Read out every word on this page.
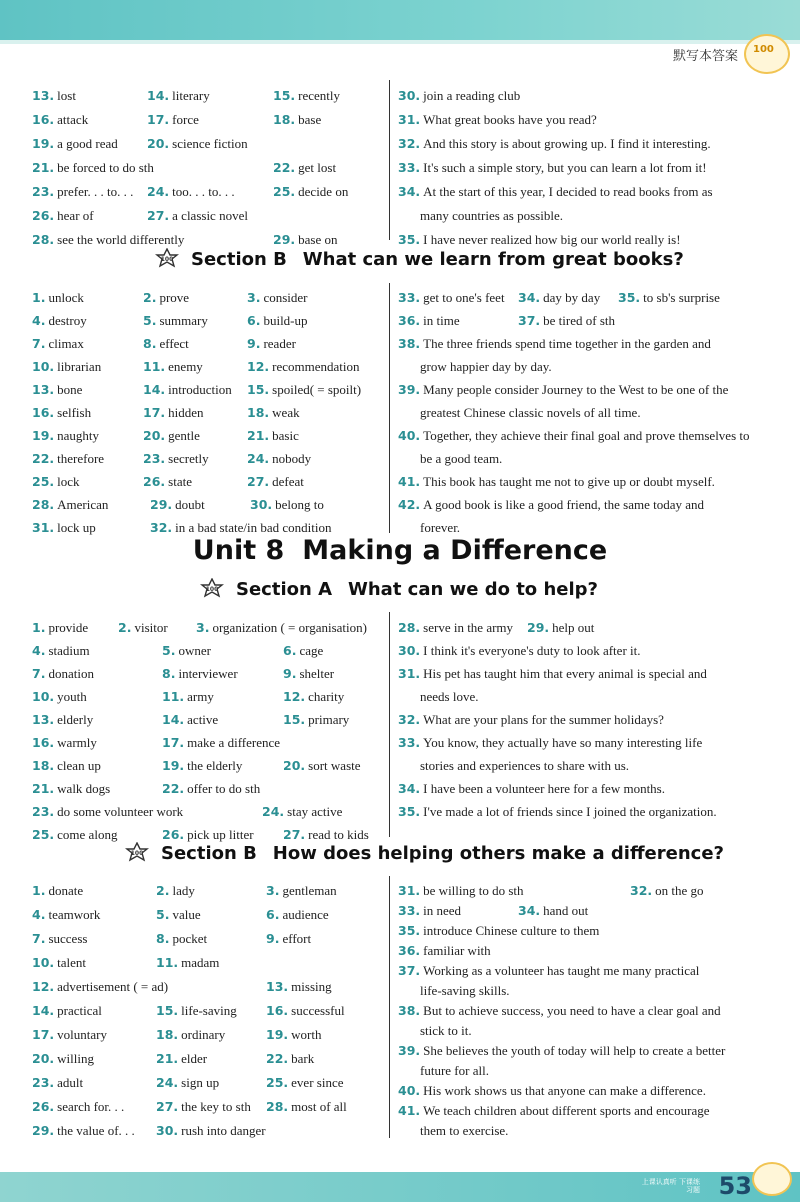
默写本答案 100
100 Section B What can we learn from great books?
Unit 8 Making a Difference
100 Section A What can we do to help?
100 Section B How does helping others make a difference?
13. lost	14. literary	15. recently
16. attack	17. force	18. base
19. a good read 20. science fiction
21. be forced to do sth	22. get lost
23. prefer. . . to. . . 24. too. . . to. . .	25. decide on
26. hear of	27. a classic novel
28. see the world differently	29. base on
30. join a reading club
31. What great books have you read?
32. And this story is about growing up. I find it interesting.
33. It's such a simple story, but you can learn a lot from it!
34. At the start of this year, I decided to read books from as
many countries as possible.
35. I have never realized how big our world really is!
1. unlock	2. prove	3. consider
4. destroy	5. summary	6. build-up
7. climax	8. effect	9. reader
10. librarian	11. enemy	12. recommendation
13. bone	14. introduction 15. spoiled( = spoilt)
16. selfish	17. hidden	18. weak
19. naughty	20. gentle	21. basic
22. therefore	23. secretly	24. nobody
25. lock	26. state	27. defeat
28. American	29. doubt	30. belong to
31. lock up	32. in a bad state/in bad condition
33. get to one's feet 34. day by day 35. to sb's surprise
36. in time	37. be tired of sth
38. The three friends spend time together in the garden and
grow happier day by day.
39. Many people consider Journey to the West to be one of the
greatest Chinese classic novels of all time.
40. Together, they achieve their final goal and prove themselves to
be a good team.
41. This book has taught me not to give up or doubt myself.
42. A good book is like a good friend, the same today and
forever.
1. provide 2. visitor 3. organization ( = organisation)
4. stadium	5. owner	6. cage
7. donation	8. interviewer	9. shelter
10. youth	11. army	12. charity
13. elderly	14. active	15. primary
16. warmly	17. make a difference
18. clean up	19. the elderly	20. sort waste
21. walk dogs	22. offer to do sth
23. do some volunteer work	24. stay active
25. come along	26. pick up litter 27. read to kids
28. serve in the army 29. help out
30. I think it's everyone's duty to look after it.
31. His pet has taught him that every animal is special and
needs love.
32. What are your plans for the summer holidays?
33. You know, they actually have so many interesting life
stories and experiences to share with us.
34. I have been a volunteer here for a few months.
35. I've made a lot of friends since I joined the organization.
1. donate	2. lady	3. gentleman
4. teamwork	5. value	6. audience
7. success	8. pocket	9. effort
10. talent	11. madam
12. advertisement ( = ad)	13. missing
14. practical	15. life-saving 16. successful
17. voluntary	18. ordinary	19. worth
20. willing	21. elder	22. bark
23. adult	24. sign up	25. ever since
26. search for. . .	27. the key to sth 28. most of all
29. the value of. . . 30. rush into danger
31. be willing to do sth	32. on the go
33. in need	34. hand out
35. introduce Chinese culture to them
36. familiar with
37. Working as a volunteer has taught me many practical
life-saving skills.
38. But to achieve success, you need to have a clear goal and
stick to it.
39. She believes the youth of today will help to create a better
future for all.
40. His work shows us that anyone can make a difference.
41. We teach children about different sports and encourage
them to exercise.
上课认真听 下课练习题 53
